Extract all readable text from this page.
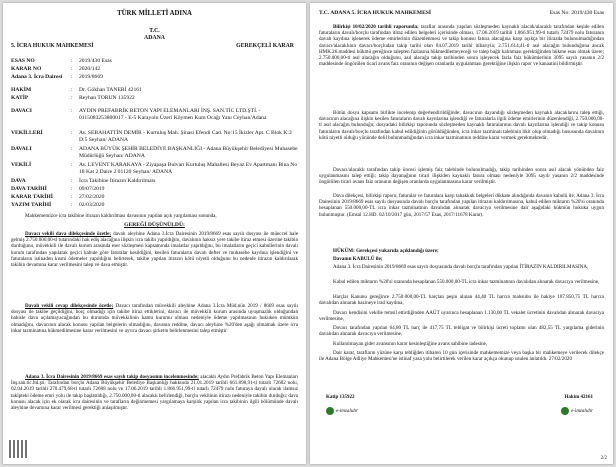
TÜRK MİLLETİ ADINA
T.C.
ADANA
5. İCRA HUKUK MAHKEMESİ	GEREKÇELİ KARAR
ESAS NO	:	2019/430 Esas
KARAR NO	:	2020/142
Adana 3. İcra Dairesi	:	2019/8669
HAKİM	:	Dr. Gökhan TANERİ 42161
KATİP	:	Reyhan TORUN 135922
DAVACI	:	AYDIN PREFABRİK BETON YAPI ELEMANLARI İNŞ. SAN.TİC LTD.ŞTİ. - 0115083253800017 - E-5 Karayolu Üzeri Köymen Kum Ocağı Yanı Ceyhan/Adana
VEKİLLERİ	:	Av. SEBAHATTİN DEMİR - Kurtuluş Mah. Şinasi Efendi Cad. No:15 İkizler Apt. C Blok K:3 D:5 Seyhan/ ADANA
DAVALI	:	ADANA BÜYÜK ŞEHİR BELEDİYE BAŞKANLIĞI - Adana Büyükşehir Belediyesi Muhasebe Müdürlüğü Seyhan/ ADANA
VEKİLİ	:	Av. LEVENT KARAKAYA - Ziyapaşa Bulvarı Kurtuluş Mahallesi Beyaz Ev Apartmanı Bina No 18 Kat 2 Daire 2 01120 Seyhan/ ADANA
DAVA	:	İcra Takibine İtirazın Kaldırılması
DAVA TARİHİ	:	09/07/2019
KARAR TARİHİ	:	27/02/2020
YAZIM TARİHİ	:	02/03/2020
Mahkememizce icra takibine itirazın kaldırılması davasının yapılan açık yargılaması sonunda,
GEREĞİ DÜŞÜNÜLDÜ:
Davacı vekili dava dilekçesinde özetle; davalı aleyhine Adana 3.İcra Dairesinin 2019/8669 esas sayılı dosyası ile müeccel hale gelmiş 2.750.000,00-tl tutarındaki hak ediş alacağına ilişkin icra takibi yapıldığını, davalının haksız yere takibe itiraz etmesi üzerine takibin durduğunu, müvekkili ile davalı kurum arasında eser sözleşmesi kapsamında imalatlar yapıldığını, bu imalatların geçici kabullerinin davalı kurum tarafından yapılarak geçici kabule göre faturalar kesildiğini, kesilen faturaların davalı defter ve muhasebe kaydına işlendiğini ve faturaların istinaden kısmi ödemeler yapıldığını belirterek, takibe yapılan itirazın kötü niyetli olduğunu bu nedenle itirazın kaldırılarak takibin devamına karar verilmesini talep ve dava etmiştir.
Davalı vekili cevap dilekçesinde özetle; Davacı tarafından müvekkili aleyhine Adana 3.İcra Müd.nün 2019 / 8669 esas sayılı dosyası ile takibe geçildiğini, borç olmadığı için takibe itiraz ettiklerini, davacı ile müvekkili kurum arasında uyuşmazlık olduğundan bahisle dava açılamayacağından bu durumda müvekkilinin kamu kurumu olması nedeniyle ödeme yapılmasının hukuken mümkün olmadığını, davacının alacak konusu yapılan belgelerin olmadığını, davanın reddine, davacı aleyhine %20'den aşağı olmamak üzere icra inkar tazminatına hükmedilmesine karar verilmesini ve ayrıca davacı şirketin belirlenmesini talep etmiştir.
Adana 3. İcra Dairesinin 2019/8669 esas sayılı takip dosyasının incelenmesinde; alacaklı Aydın Prefabrik Beton Yapı Elemanları İnş.san.tic.ltd.şti. Tarafından borçlu Adana Büyükşehir Belediye Başkanlığı hakkında 21.01.2019 tarihli 661.898,91-tl tutarlı 72682 nolu, 02.04.2019 tarihli 270.479,68-tl tutarlı 72688 nolu ve 17.06.2019 tarihli 1.866.951,99-tl tutarlı 72479 nolu faturaya dayalı olarak ilamsız takipteki ödeme emri yolu ile takip başlatıldığı, 2.750.000,00-tl alacaklı belirlendiği, borçlu vekilinin itirazı nedeniyle takibin durduğu; dava konusu alacak için ek olarak icra dairesinin ve tarafların değinmemesi yargılamaya karşılık yapılan icra takibinin ilgili bölümünde davalı aleyhine devamına karar verilmesi gerektiği anlaşılmıştır.
T.C. ADANA 5. İCRA HUKUK MAHKEMESİ	Esas No: 2019/430 Esas
Bilirkişi 10/02/2020 tarihli raporunda; taraflar arasında yapılan sözleşmeden kaynaklı alacak/alacaklı tarafından keşide edilen faturaların davalı/borçlu tarafından itiraz edilen belgeleri içerisinde olması, 17.06.2019 tarihli 1.866.951,99-tl tutarlı 72479 nolu faturanın davalı kaydına işlenerek ödeme emirlerinin düzenlenmesi ve takip konusu fatura alacağına karşı açıkça bir itirazda bulunulmadığından davacı/alacaklının davacı/borçludan takip tarihi olan 04.07.2019 tarihi itibarıyla; 2.751.614,41-tl asıl alacağın bulunduğuna ancak HMK.26.maddesi hükmü gereğince talepten fazlasına hükmedilemeyeceği ve talep bağlı kalınması gerektiğinden hükme esas olmak üzere; 2.750.000,00-tl asıl alacağın olduğunu, asıl alacağa takip tarihinden sonra işleyecek fazla faiz hükümlerinin 3095 sayılı yasanın 2/2 maddesinde öngörülen ticari avans faiz oranının değişen oranlarda uygulanması gerektiğine ilişkin rapor ve kanaatini bildirmiştir.
Bütün dosya kapsamı birlikte incelenip değerlendirildiğinde; davacının dayandığı sözleşmeden kaynaklı alacaklarını talep ettiği, davacının alacağına ilişkin kesilen faturaların davalı kayıtlarına işlendiği ve faturalarla ilgili ödeme emirlerinin düzenlendiği, 2.750.000,00-tl asıl alacağın bulunduğu; dosyadaki bilirkişi raporunda sözleşmeden kaynaklı faturalarının davalı kayıtlarına işlendiği ve takip konusu faturaların davalı/borçlu tarafından kabul edildiğinin görüldüğünden, icra inkar tazminatı talebinin likit olup olmadığı hususunda davalının kötü niyetli olduğu yönünde delil bulunmadığından icra inkar tazminatının reddine karar vermek gerekmektedir.
Davacı/alacaklı tarafından takip öncesi işlemiş faiz talebinde bulunulmadığı, takip tarihinden sonra asıl alacak yönünden faiz uygulanmasını talep ettiği; takip dayanağının ticari ilişkiden kaynaklı fatura olması nedeniyle 3095 sayılı yasanın 2/2 maddesinde öngörülen ticari avans faiz oranının değişen oranlarda uygulanmasına karar verilmiştir.
Dava dilekçesi, bilirkişi raporu, faturalar ve faturalara karşı tahakkuk belgeleri dikkate alındığında davanın kabulü ile; Adana 3. İcra Dairesinin 2019/8669 esas sayılı dosyasında davalı borçlu tarafından yapılan itirazın kaldırılmasına, kabul edilen miktarın %20'si oranında hesaplanan 550.000,00-TL icra inkar tazminatının davalıdan alınarak davacıya verilmesine dair aşağıdaki hükmün hukuka uygun bulunmuştur. (Emsal 12.HD. 02/10/2017 gün, 2017/57 Esas, 2017/11678 Karar).
HÜKÜM: Gerekçesi yukarıda açıklandığı üzere;
Davanın KABULÜ ile;
Adana 3. İcra Dairesinin 2019/8669 esas sayılı dosyasında davalı borçlu tarafından yapılan İTİRAZIN KALDIRILMASINA,
Kabul edilen miktarın %20'si oranında hesaplanan 550.000,00-TL icra inkar tazminatının davalıdan alınarak davacıya verilmesine,
Harçlar Kanunu gereğince 2.750.000,00-TL harçtan peşin alınan 44,40 TL harcın mahsubu ile bakiye 187.850,75 TL harcın davalıdan alınarak hazineye irad kaydına,
Davacı kendisini vekille temsil ettirdiğinden AAÜT uyarınca hesaplanan 1.130,00 TL vekalet ücretinin davalıdan alınarak davacıya verilmesine,
Davacı tarafından yapılan 64,80 TL harç ile 417,75 TL tebligat ve bilirkişi ücreti toplamı olan 482,55 TL yargılama giderinin davalıdan alınarak davacıya verilmesine,
Kullanılmayan gider avansının karar kesinleştiğine avans sahibine iadesine,
Dair karar, tarafların yüzüne karşı tebliğden itibaren 10 gün içerisinde mahkememize veya başka bir mahkemeye verilecek dilekçe ile Adana Bölge Adliye Mahkemesi'ne istinaf yasa yolu belirtilerek verilen karar açıkça okunup usulen anlatıldı. 27/02/2020
Katip 135922	Hakim 42161
e-imzalıdır	e-imzalıdır
2/2
